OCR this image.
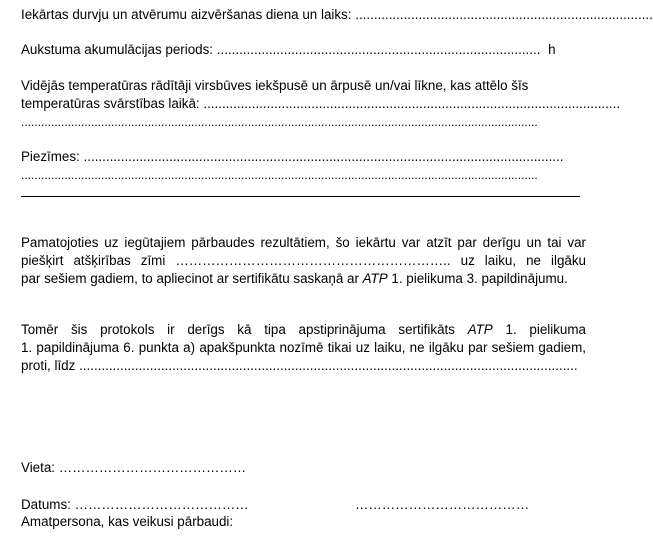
Iekārtas durvju un atvērumu aizvēršanas diena un laiks: ................................................................................
Aukstuma akumulācijas periods: ....................................................................................... h
Vidējās temperatūras rādītāji virsbūves iekšpusē un ārpusē un/vai līkne, kas attēlo šīs
temperatūras svārstības laikā: ................................................................................................................
...........................................................................................................................................................
Piezīmes: .................................................................................................................................
...........................................................................................................................................................
Pamatojoties uz iegūtajiem pārbaudes rezultātiem, šo iekārtu var atzīt par derīgu un tai var
piešķirt atšķirības zīmi …………………………………………………….. uz laiku, ne ilgāku
par sešiem gadiem, to apliecinot ar sertifikātu saskaņā ar ATP 1. pielikuma 3. papildinājumu.
Tomēr šis protokols ir derīgs kā tipa apstiprinājuma sertifikāts ATP 1. pielikuma
1. papildinājuma 6. punkta a) apakšpunkta nozīmē tikai uz laiku, ne ilgāku par sešiem gadiem,
proti, līdz ......................................................................................................................................
Vieta: ……………………………………
Datums: …………………………………	…………………………………
Amatpersona, kas veikusi pārbaudi:
